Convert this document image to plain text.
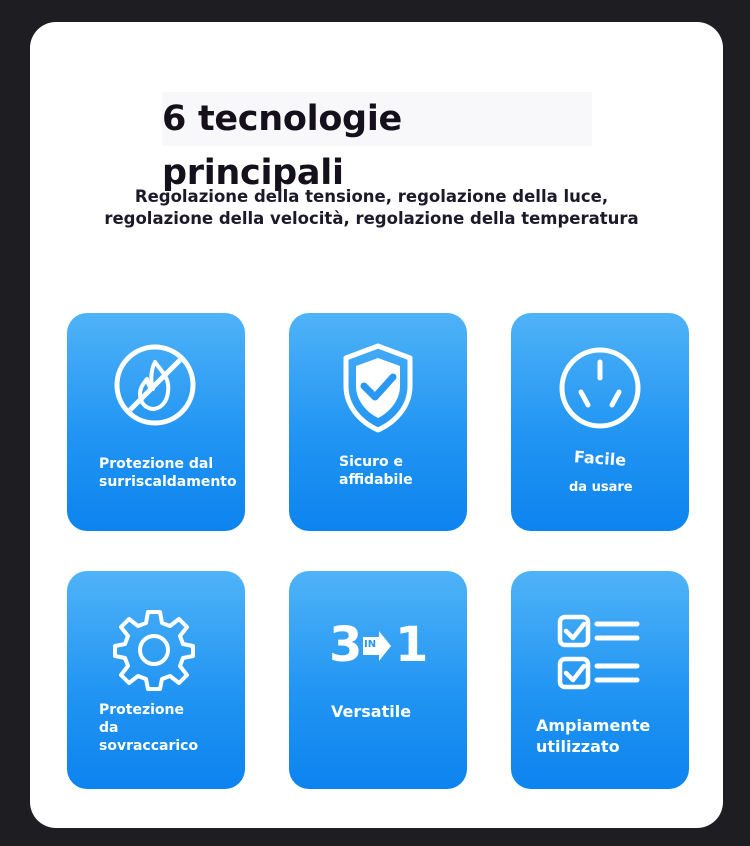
6 tecnologie principali
Regolazione della tensione, regolazione della luce,
regolazione della velocità, regolazione della temperatura
Protezione dal
surriscaldamento
Sicuro e
affidabile
Facile
da usare
Protezione
da
sovraccarico
3 IN 1
Versatile
Ampiamente
utilizzato
